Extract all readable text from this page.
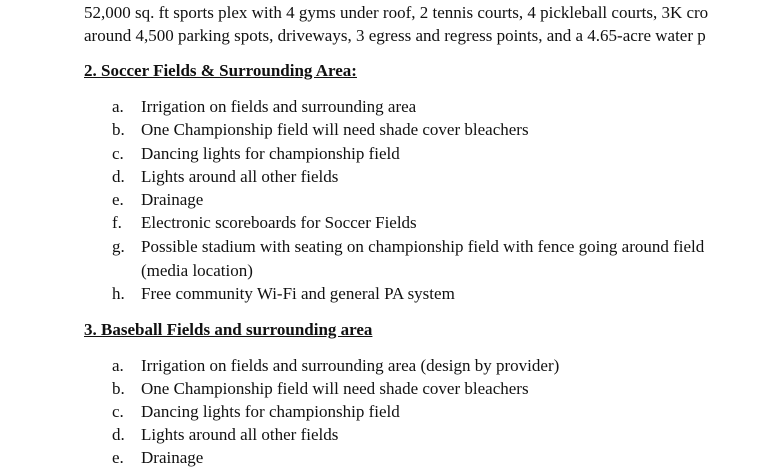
52,000 sq. ft sports plex with 4 gyms under roof, 2 tennis courts, 4 pickleball courts, 3K cro
around 4,500 parking spots, driveways, 3 egress and regress points, and a 4.65-acre water p
2. Soccer Fields & Surrounding Area:
a. Irrigation on fields and surrounding area
b. One Championship field will need shade cover bleachers
c. Dancing lights for championship field
d. Lights around all other fields
e. Drainage
f. Electronic scoreboards for Soccer Fields
g. Possible stadium with seating on championship field with fence going around field
(media location)
h. Free community Wi-Fi and general PA system
3. Baseball Fields and surrounding area
a. Irrigation on fields and surrounding area (design by provider)
b. One Championship field will need shade cover bleachers
c. Dancing lights for championship field
d. Lights around all other fields
e. Drainage
